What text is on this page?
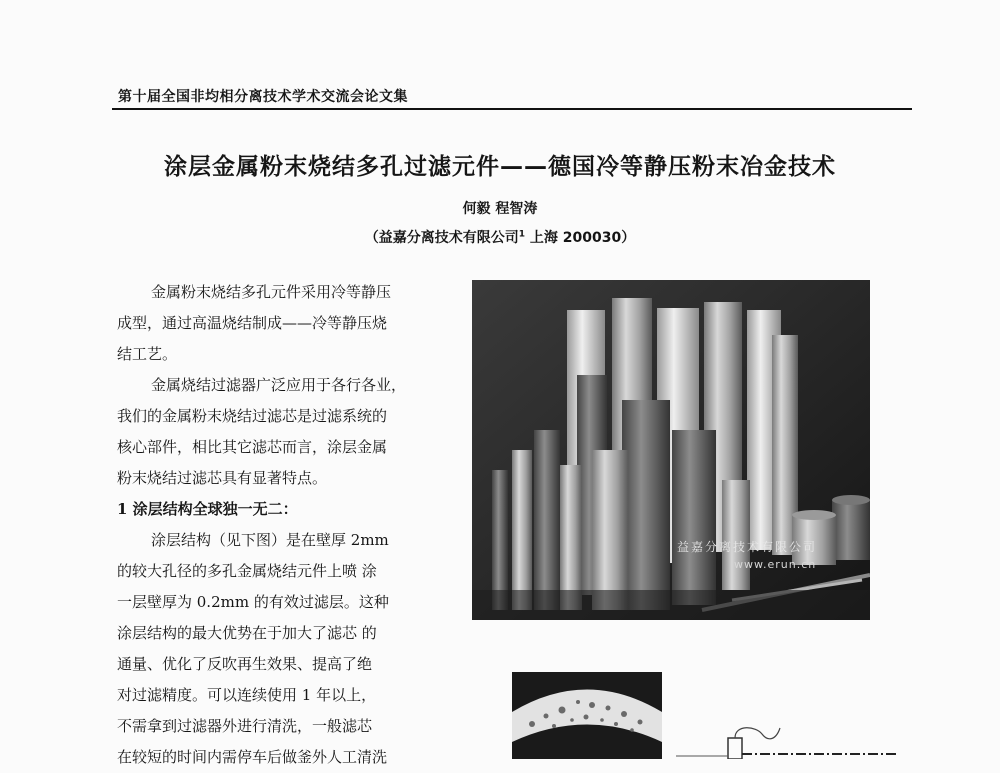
第十届全国非均相分离技术学术交流会论文集
涂层金属粉末烧结多孔过滤元件——德国冷等静压粉末冶金技术
何毅 程智涛
（益嘉分离技术有限公司$^1$ 上海 200030）
金属粉末烧结多孔元件采用冷等静压
成型，通过高温烧结制成——冷等静压烧
结工艺。
金属烧结过滤器广泛应用于各行各业，
我们的金属粉末烧结过滤芯是过滤系统的
核心部件，相比其它滤芯而言，涂层金属
粉末烧结过滤芯具有显著特点。
1 涂层结构全球独一无二：
涂层结构（见下图）是在壁厚 2mm
的较大孔径的多孔金属烧结元件上喷 涂
一层壁厚为 0.2mm 的有效过滤层。这种
涂层结构的最大优势在于加大了滤芯 的
通量、优化了反吹再生效果、提高了绝
对过滤精度。可以连续使用 1 年以上，
不需拿到过滤器外进行清洗，一般滤芯
在较短的时间内需停车后做釜外人工清洗
益嘉分离技术有限公司
www.erun.cn
